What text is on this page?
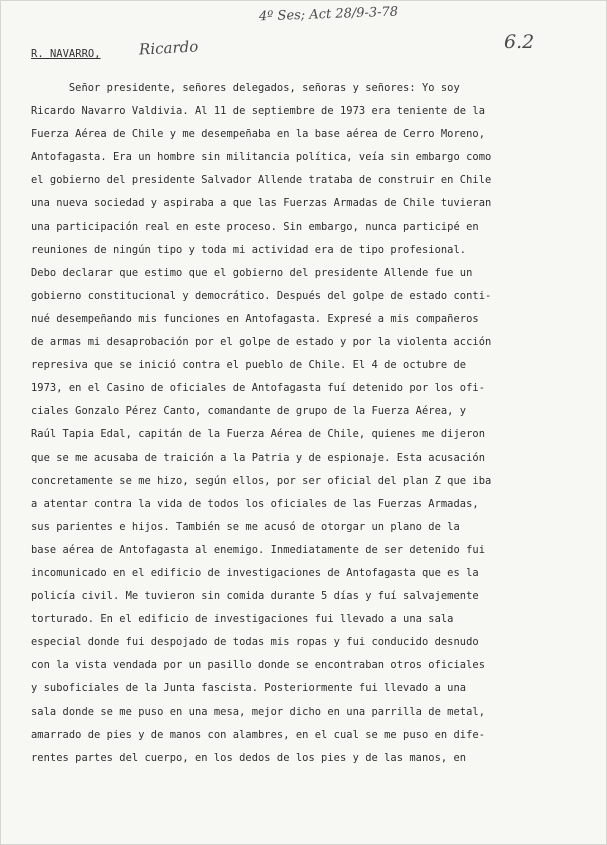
4º Ses; Act 28/9-3-78
6.2
R. NAVARRO,	Ricardo
Señor presidente, señores delegados, señoras y señores: Yo soy
Ricardo Navarro Valdivia. Al 11 de septiembre de 1973 era teniente de la
Fuerza Aérea de Chile y me desempeñaba en la base aérea de Cerro Moreno,
Antofagasta. Era un hombre sin militancia política, veía sin embargo como
el gobierno del presidente Salvador Allende trataba de construir en Chile
una nueva sociedad y aspiraba a que las Fuerzas Armadas de Chile tuvieran
una participación real en este proceso. Sin embargo, nunca participé en
reuniones de ningún tipo y toda mi actividad era de tipo profesional.
Debo declarar que estimo que el gobierno del presidente Allende fue un
gobierno constitucional y democrático. Después del golpe de estado conti-
nué desempeñando mis funciones en Antofagasta. Expresé a mis compañeros
de armas mi desaprobación por el golpe de estado y por la violenta acción
represiva que se inició contra el pueblo de Chile. El 4 de octubre de
1973, en el Casino de oficiales de Antofagasta fuí detenido por los ofi-
ciales Gonzalo Pérez Canto, comandante de grupo de la Fuerza Aérea, y
Raúl Tapia Edal, capitán de la Fuerza Aérea de Chile, quienes me dijeron
que se me acusaba de traición a la Patria y de espionaje. Esta acusación
concretamente se me hizo, según ellos, por ser oficial del plan Z que iba
a atentar contra la vida de todos los oficiales de las Fuerzas Armadas,
sus parientes e hijos. También se me acusó de otorgar un plano de la
base aérea de Antofagasta al enemigo. Inmediatamente de ser detenido fui
incomunicado en el edificio de investigaciones de Antofagasta que es la
policía civil. Me tuvieron sin comida durante 5 días y fuí salvajemente
torturado. En el edificio de investigaciones fui llevado a una sala
especial donde fui despojado de todas mis ropas y fui conducido desnudo
con la vista vendada por un pasillo donde se encontraban otros oficiales
y suboficiales de la Junta fascista. Posteriormente fui llevado a una
sala donde se me puso en una mesa, mejor dicho en una parrilla de metal,
amarrado de pies y de manos con alambres, en el cual se me puso en dife-
rentes partes del cuerpo, en los dedos de los pies y de las manos, en
